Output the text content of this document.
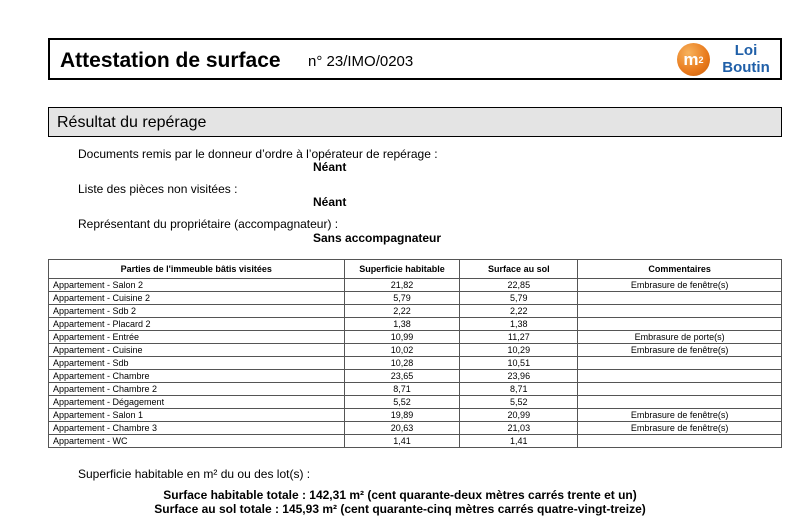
Attestation de surface n° 23/IMO/0203	m 2
Loi
Boutin
Résultat du repérage
Documents remis par le donneur d’ordre à l’opérateur de repérage :
Néant
Liste des pièces non visitées :
Néant
Représentant du propriétaire (accompagnateur) :
Sans accompagnateur
Parties de l'immeuble bâtis visitées	Superficie habitable	Surface au sol	Commentaires
Appartement - Salon 2	21,82	22,85	Embrasure de fenêtre(s)
Appartement - Cuisine 2	5,79	5,79	
Appartement - Sdb 2	2,22	2,22	
Appartement - Placard 2	1,38	1,38	
Appartement - Entrée	10,99	11,27	Embrasure de porte(s)
Appartement - Cuisine	10,02	10,29	Embrasure de fenêtre(s)
Appartement - Sdb	10,28	10,51	
Appartement - Chambre	23,65	23,96	
Appartement - Chambre 2	8,71	8,71	
Appartement - Dégagement	5,52	5,52	
Appartement - Salon 1	19,89	20,99	Embrasure de fenêtre(s)
Appartement - Chambre 3	20,63	21,03	Embrasure de fenêtre(s)
Appartement - WC	1,41	1,41	
Superficie habitable en m² du ou des lot(s) :
Surface habitable totale : 142,31 m² (cent quarante-deux mètres carrés trente et un)
Surface au sol totale : 145,93 m² (cent quarante-cinq mètres carrés quatre-vingt-treize)
